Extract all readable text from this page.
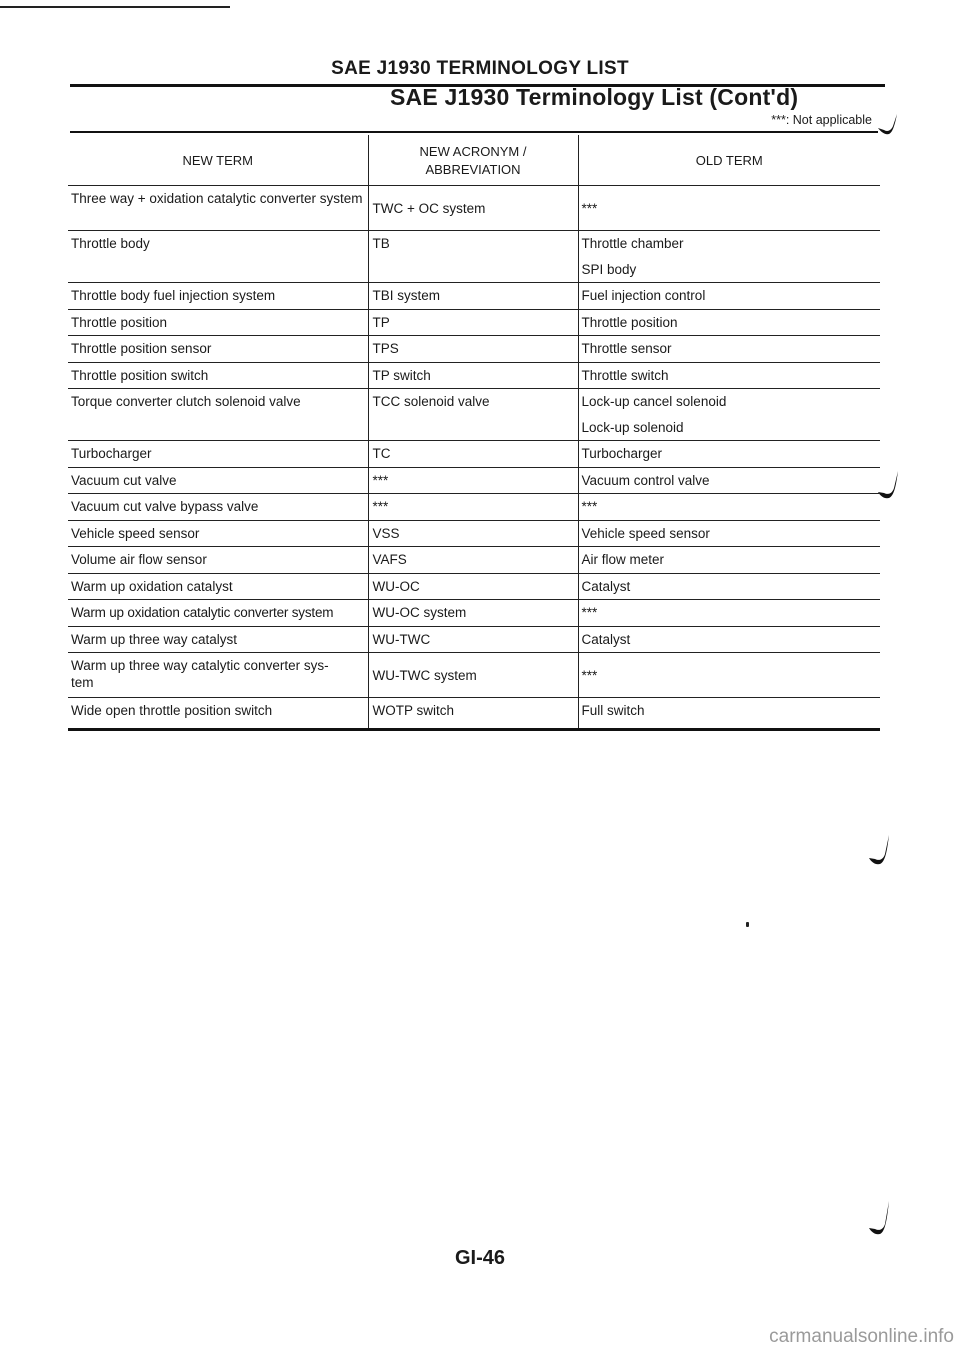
SAE J1930 TERMINOLOGY LIST
SAE J1930 Terminology List (Cont'd)
***: Not applicable
NEW TERM	NEW ACRONYM / ABBREVIATION	OLD TERM

Three way + oxidation catalytic converter system	TWC + OC system	***

Throttle body	TB	Throttle chamber
SPI body

Throttle body fuel injection system	TBI system	Fuel injection control

Throttle position	TP	Throttle position

Throttle position sensor	TPS	Throttle sensor

Throttle position switch	TP switch	Throttle switch

Torque converter clutch solenoid valve	TCC solenoid valve	Lock-up cancel solenoid
Lock-up solenoid

Turbocharger	TC	Turbocharger

Vacuum cut valve	***	Vacuum control valve

Vacuum cut valve bypass valve	***	***

Vehicle speed sensor	VSS	Vehicle speed sensor

Volume air flow sensor	VAFS	Air flow meter

Warm up oxidation catalyst	WU-OC	Catalyst

Warm up oxidation catalytic converter system	WU-OC system	***

Warm up three way catalyst	WU-TWC	Catalyst

Warm up three way catalytic converter sys-tem	WU-TWC system	***

Wide open throttle position switch	WOTP switch	Full switch
GI-46
carmanualsonline.info
